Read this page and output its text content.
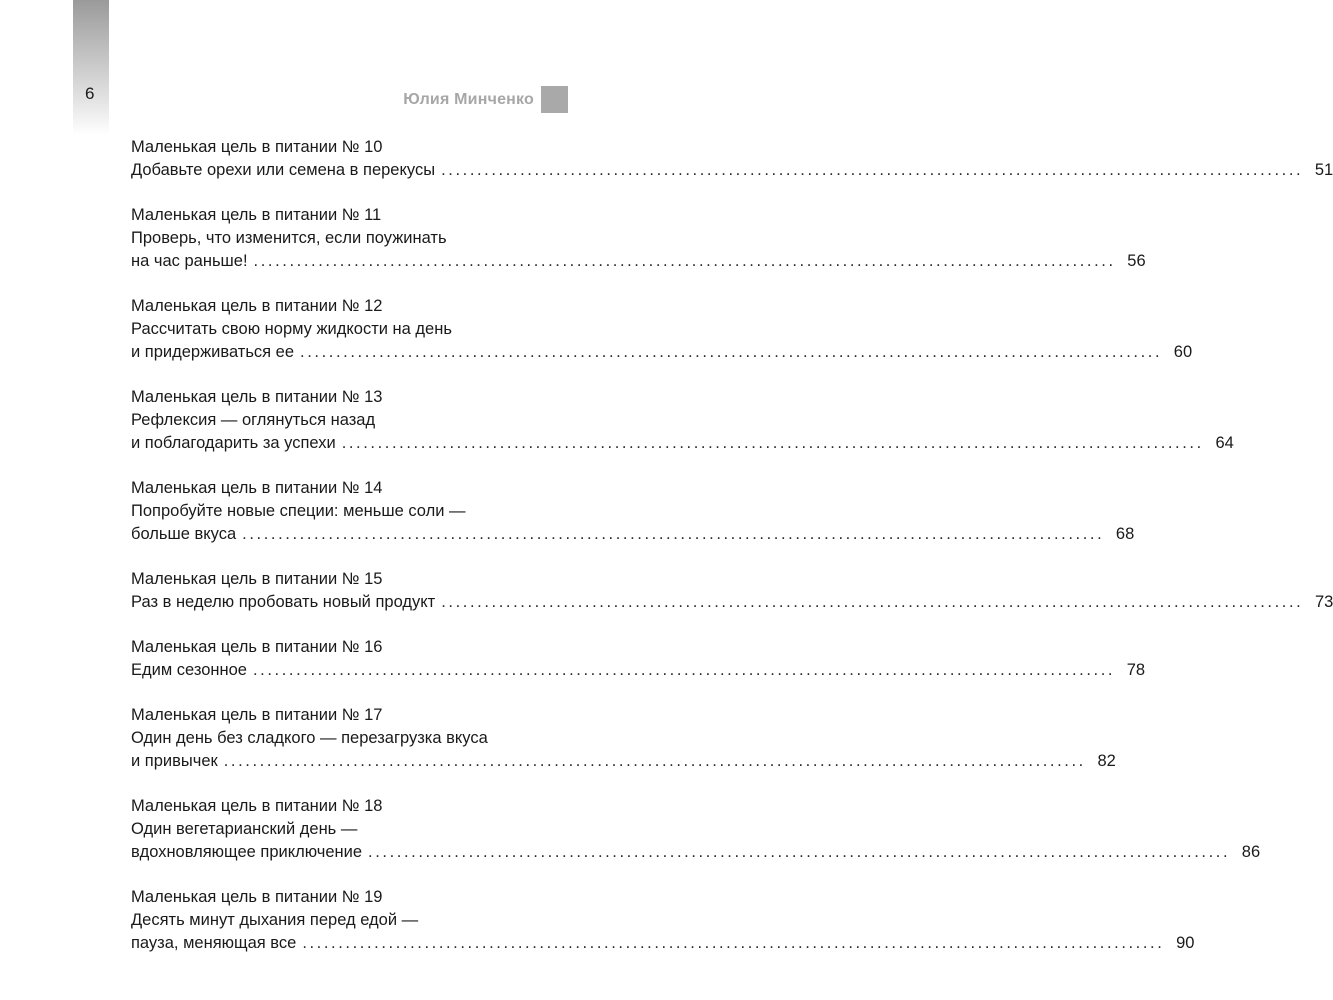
6	Юлия Минченко
Маленькая цель в питании № 10
Добавьте орехи или семена в перекусы ........................................................................................................................ 51
Маленькая цель в питании № 11
Проверь, что изменится, если поужинать
на час раньше! ........................................................................................................................ 56
Маленькая цель в питании № 12
Рассчитать свою норму жидкости на день
и придерживаться ее ........................................................................................................................ 60
Маленькая цель в питании № 13
Рефлексия — оглянуться назад
и поблагодарить за успехи ........................................................................................................................ 64
Маленькая цель в питании № 14
Попробуйте новые специи: меньше соли —
больше вкуса ........................................................................................................................ 68
Маленькая цель в питании № 15
Раз в неделю пробовать новый продукт ........................................................................................................................ 73
Маленькая цель в питании № 16
Едим сезонное ........................................................................................................................ 78
Маленькая цель в питании № 17
Один день без сладкого — перезагрузка вкуса
и привычек ........................................................................................................................ 82
Маленькая цель в питании № 18
Один вегетарианский день —
вдохновляющее приключение ........................................................................................................................ 86
Маленькая цель в питании № 19
Десять минут дыхания перед едой —
пауза, меняющая все ........................................................................................................................ 90
